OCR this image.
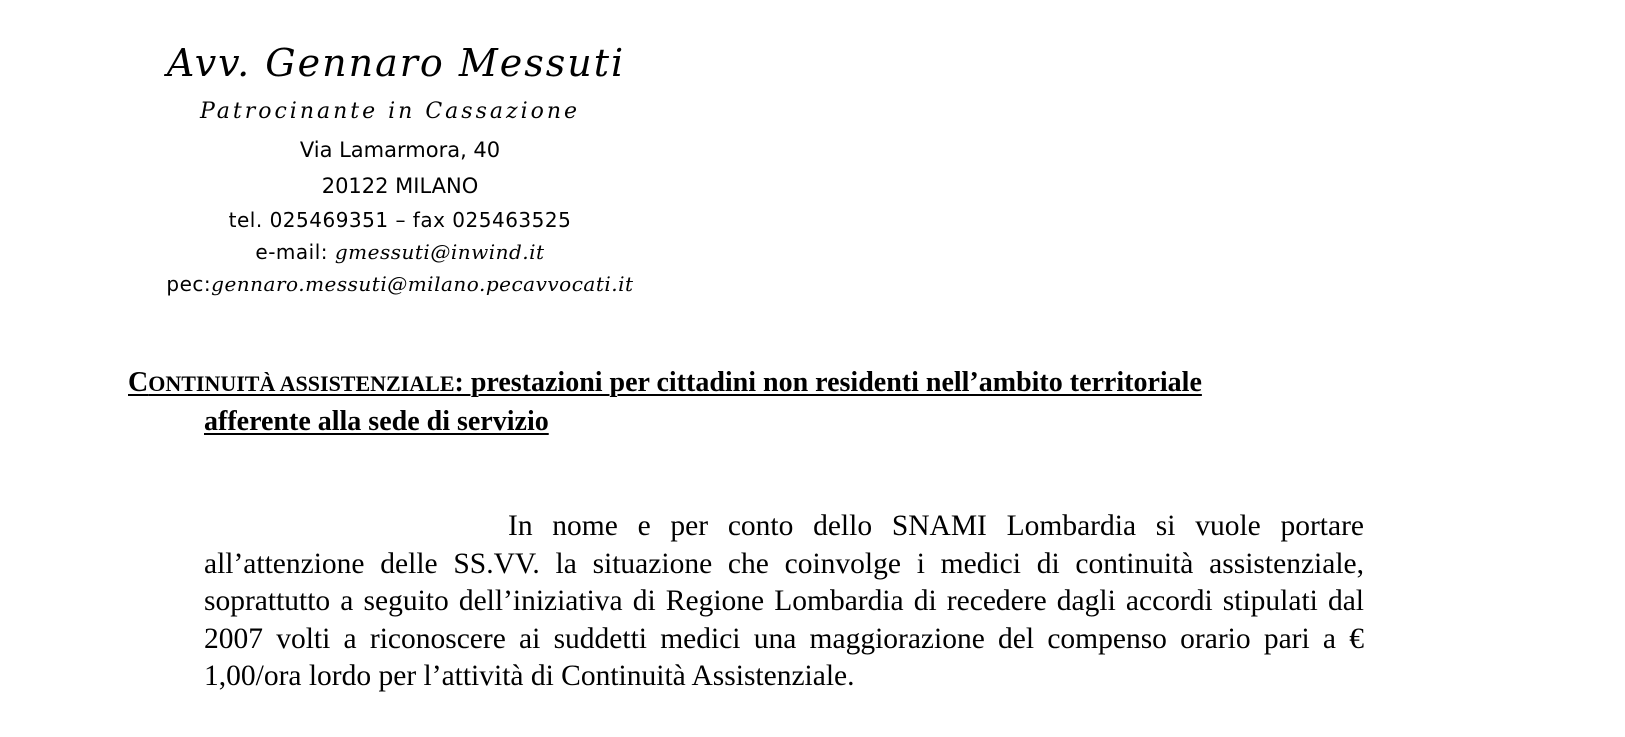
Avv. Gennaro Messuti
Patrocinante in Cassazione
Via Lamarmora, 40
20122 MILANO
tel. 025469351 – fax 025463525
e-mail: gmessuti@inwind.it
pec:gennaro.messuti@milano.pecavvocati.it
CONTINUITÀ ASSISTENZIALE: prestazioni per cittadini non residenti nell’ambito territoriale
afferente alla sede di servizio
In nome e per conto dello SNAMI Lombardia si vuole portare all’attenzione delle SS.VV. la situazione che coinvolge i medici di continuità assistenziale, soprattutto a seguito dell’iniziativa di Regione Lombardia di recedere dagli accordi stipulati dal 2007 volti a riconoscere ai suddetti medici una maggiorazione del compenso orario pari a € 1,00/ora lordo per l’attività di Continuità Assistenziale.
